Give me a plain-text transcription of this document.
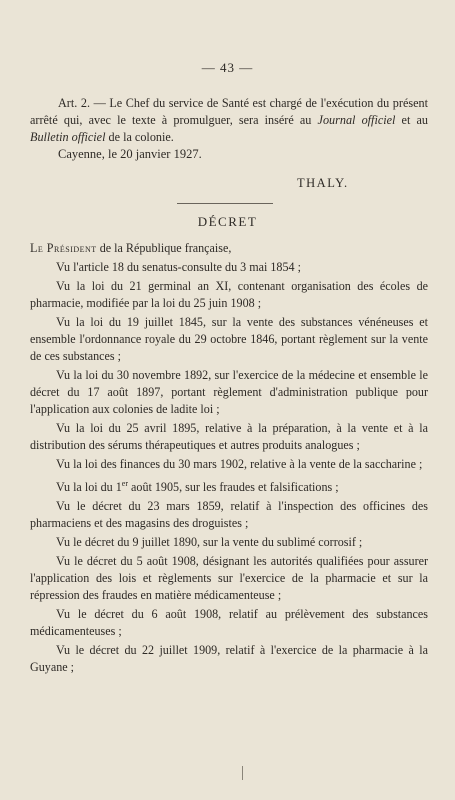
— 43 —

Art. 2. — Le Chef du service de Santé est chargé de l'exécution du présent arrêté qui, avec le texte à promulguer, sera inséré au Journal officiel et au Bulletin officiel de la colonie.

Cayenne, le 20 janvier 1927.
THALY.
DÉCRET

Le Président de la République française,

Vu l'article 18 du senatus-consulte du 3 mai 1854 ;

Vu la loi du 21 germinal an XI, contenant organisation des écoles de pharmacie, modifiée par la loi du 25 juin 1908 ;

Vu la loi du 19 juillet 1845, sur la vente des substances vénéneuses et ensemble l'ordonnance royale du 29 octobre 1846, portant règlement sur la vente de ces substances ;

Vu la loi du 30 novembre 1892, sur l'exercice de la médecine et ensemble le décret du 17 août 1897, portant règlement d'administration publique pour l'application aux colonies de ladite loi ;

Vu la loi du 25 avril 1895, relative à la préparation, à la vente et à la distribution des sérums thérapeutiques et autres produits analogues ;

Vu la loi des finances du 30 mars 1902, relative à la vente de la saccharine ;

Vu la loi du 1er août 1905, sur les fraudes et falsifications ;

Vu le décret du 23 mars 1859, relatif à l'inspection des officines des pharmaciens et des magasins des droguistes ;

Vu le décret du 9 juillet 1890, sur la vente du sublimé corrosif ;

Vu le décret du 5 août 1908, désignant les autorités qualifiées pour assurer l'application des lois et règlements sur l'exercice de la pharmacie et sur la répression des fraudes en matière médicamenteuse ;

Vu le décret du 6 août 1908, relatif au prélèvement des substances médicamenteuses ;

Vu le décret du 22 juillet 1909, relatif à l'exercice de la pharmacie à la Guyane ;
